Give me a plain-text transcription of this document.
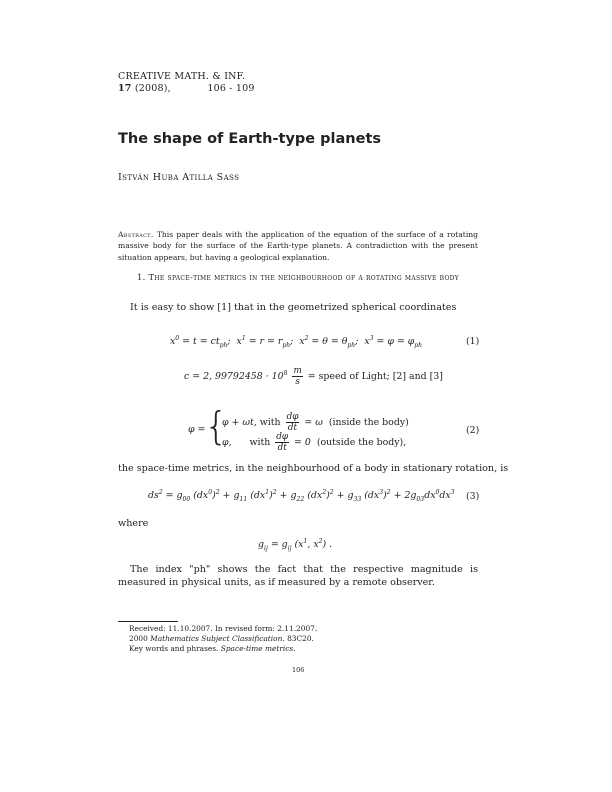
CREATIVE MATH. & INF.
17 (2008),	106 - 109
The shape of Earth-type planets
István Huba Atilla Sass
Abstract. This paper deals with the application of the equation of the surface of a rotating massive body for the surface of the Earth-type planets. A contradiction with the present situation appears, but having a geological explanation.
1. The space-time metrics in the neighbourhood of a rotating massive body
It is easy to show [1] that in the geometrized spherical coordinates
$x^0 = t = ct_{ph}$;  $x^1 = r = r_{ph}$;  $x^2 = \theta = \theta_{ph}$;  $x^3 = \varphi = \varphi_{ph}$	(1)
c = 2, $99792458 \cdot 10^8 \frac{m}{s}$ = speed of Light; [2] and [3]
φ =
{
φ + ωt, with $\frac{d\varphi}{dt} = \omega$  (inside the body)
φ,      with $\frac{d\varphi}{dt} = 0$  (outside the body),
(2)
the space-time metrics, in the neighbourhood of a body in stationary rotation, is
$ds^2 = g_{00}$ $(dx^0)^2 + g_{11}$ $(dx^1)^2 + g_{22}$ $(dx^2)^2 + g_{33}$ $(dx^3)^2 + 2g_{03}dx^0dx^3$ (3)
where
$g_{ij} = g_{ij}$ ($x^1$, $x^2$) .
The index "ph" shows the fact that the respective magnitude is measured in physical units, as if measured by a remote observer.
Received: 11.10.2007. In revised form: 2.11.2007.
2000 Mathematics Subject Classification. 83C20.
Key words and phrases. Space-time metrics.
106
